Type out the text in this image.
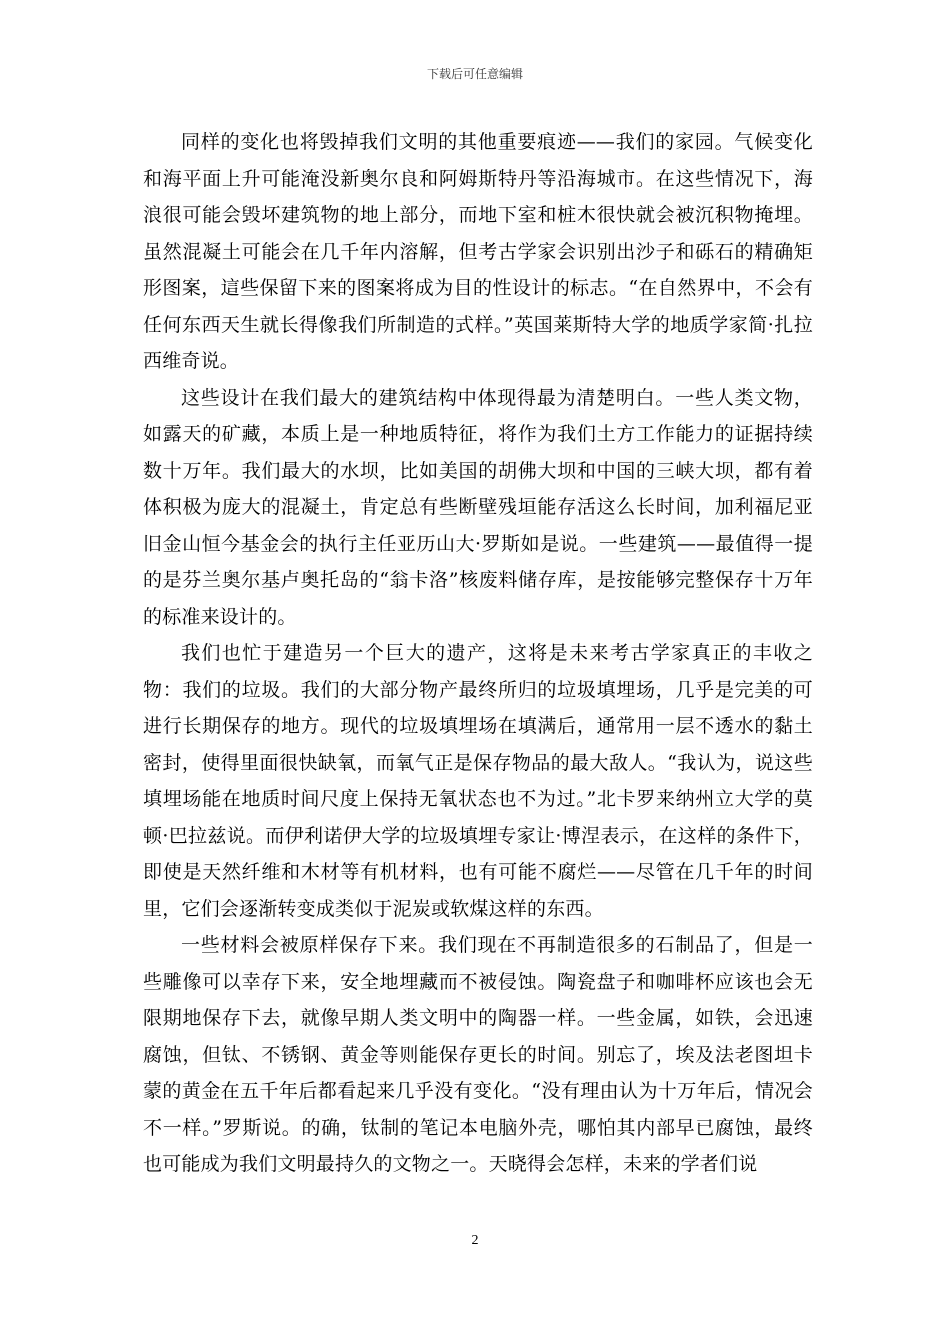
下载后可任意编辑

同样的变化也将毁掉我们文明的其他重要痕迹——我们的家园。气候变化和海平面上升可能淹没新奥尔良和阿姆斯特丹等沿海城市。在这些情况下，海浪很可能会毁坏建筑物的地上部分，而地下室和桩木很快就会被沉积物掩埋。虽然混凝土可能会在几千年内溶解，但考古学家会识别出沙子和砾石的精确矩形图案，這些保留下来的图案将成为目的性设计的标志。“在自然界中，不会有任何东西天生就长得像我们所制造的式样。”英国莱斯特大学的地质学家简·扎拉西维奇说。

这些设计在我们最大的建筑结构中体现得最为清楚明白。一些人类文物，如露天的矿藏，本质上是一种地质特征，将作为我们土方工作能力的证据持续数十万年。我们最大的水坝，比如美国的胡佛大坝和中国的三峡大坝，都有着体积极为庞大的混凝土，肯定总有些断壁残垣能存活这么长时间，加利福尼亚旧金山恒今基金会的执行主任亚历山大·罗斯如是说。一些建筑——最值得一提的是芬兰奥尔基卢奥托岛的“翁卡洛”核废料储存库，是按能够完整保存十万年的标准来设计的。

我们也忙于建造另一个巨大的遗产，这将是未来考古学家真正的丰收之物：我们的垃圾。我们的大部分物产最终所归的垃圾填埋场，几乎是完美的可进行长期保存的地方。现代的垃圾填埋场在填满后，通常用一层不透水的黏土密封，使得里面很快缺氧，而氧气正是保存物品的最大敌人。“我认为，说这些填埋场能在地质时间尺度上保持无氧状态也不为过。”北卡罗来纳州立大学的莫顿·巴拉兹说。而伊利诺伊大学的垃圾填埋专家让·博涅表示，在这样的条件下，即使是天然纤维和木材等有机材料，也有可能不腐烂——尽管在几千年的时间里，它们会逐渐转变成类似于泥炭或软煤这样的东西。

一些材料会被原样保存下来。我们现在不再制造很多的石制品了，但是一些雕像可以幸存下来，安全地埋藏而不被侵蚀。陶瓷盘子和咖啡杯应该也会无限期地保存下去，就像早期人类文明中的陶器一样。一些金属，如铁，会迅速腐蚀，但钛、不锈钢、黄金等则能保存更长的时间。别忘了，埃及法老图坦卡蒙的黄金在五千年后都看起来几乎没有变化。“没有理由认为十万年后，情况会不一样。”罗斯说。的确，钛制的笔记本电脑外壳，哪怕其内部早已腐蚀，最终也可能成为我们文明最持久的文物之一。天晓得会怎样，未来的学者们说

2
